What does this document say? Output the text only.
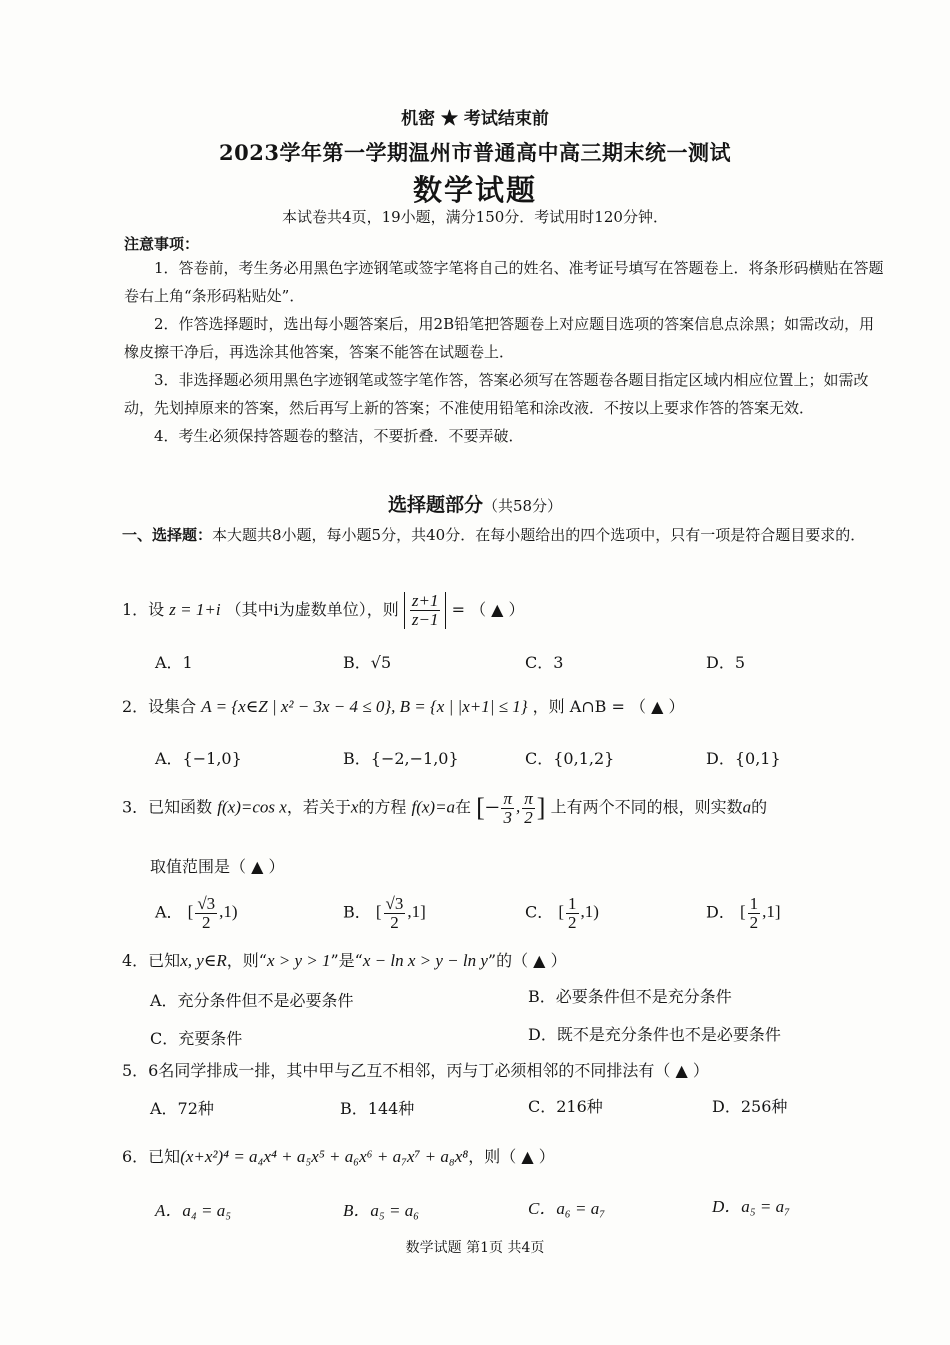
机密 ★ 考试结束前
2023学年第一学期温州市普通高中高三期末统一测试
数学试题
本试卷共4页，19小题，满分150分．考试用时120分钟．
注意事项：

1．答卷前，考生务必用黑色字迹钢笔或签字笔将自己的姓名、准考证号填写在答题卷上．将条形码横贴在答题卷右上角“条形码粘贴处”．

2．作答选择题时，选出每小题答案后，用2B铅笔把答题卷上对应题目选项的答案信息点涂黑；如需改动，用橡皮擦干净后，再选涂其他答案，答案不能答在试题卷上．

3．非选择题必须用黑色字迹钢笔或签字笔作答，答案必须写在答题卷各题目指定区域内相应位置上；如需改动，先划掉原来的答案，然后再写上新的答案；不准使用铅笔和涂改液．不按以上要求作答的答案无效．

4．考生必须保持答题卷的整洁，不要折叠．不要弄破．

选择题部分（共58分）
一、选择题：本大题共8小题，每小题5分，共40分．在每小题给出的四个选项中，只有一项是符合题目要求的．
1．设 z = 1+i （其中i为虚数单位），则 $\frac{z+1}{z-1}$ = （ ▲ ）
A．1	B．√5	C．3	D．5
2．设集合 A = {x∈Z | x² − 3x − 4 ≤ 0}, B = {x | |x+1| ≤ 1} ，则 A∩B = （ ▲ ）
A．{−1,0}	B．{−2,−1,0}	C．{0,1,2}	D．{0,1}
3．已知函数 f(x)=cos x，若关于x的方程 f(x)=a在 [− $\frac{\pi}{3}$ , $\frac{\pi}{2}$ ] 上有两个不同的根，则实数a的
取值范围是（ ▲ ）
A． [ $\frac{√3}{2} ,1$)	B． [ $\frac{√3}{2} ,1$]	C． [ $\frac{1}{2} ,1$)	D． [ $\frac{1}{2} ,1$]
4．已知x, y∈R，则“x > y > 1”是“x − ln x > y − ln y”的（ ▲ ）
A．充分条件但不是必要条件	B．必要条件但不是充分条件
C．充要条件	D．既不是充分条件也不是必要条件
5．6名同学排成一排，其中甲与乙互不相邻，丙与丁必须相邻的不同排法有（ ▲ ）
A．72种	B．144种	C．216种	D．256种
6．已知(x+x²)⁴ = a₄x⁴ + a₅x⁵ + a₆x⁶ + a₇x⁷ + a₈x⁸，则（ ▲ ）
A．a₄ = a₅	B．a₅ = a₆	C．a₆ = a₇	D．a₅ = a₇
数学试题 第1页 共4页
